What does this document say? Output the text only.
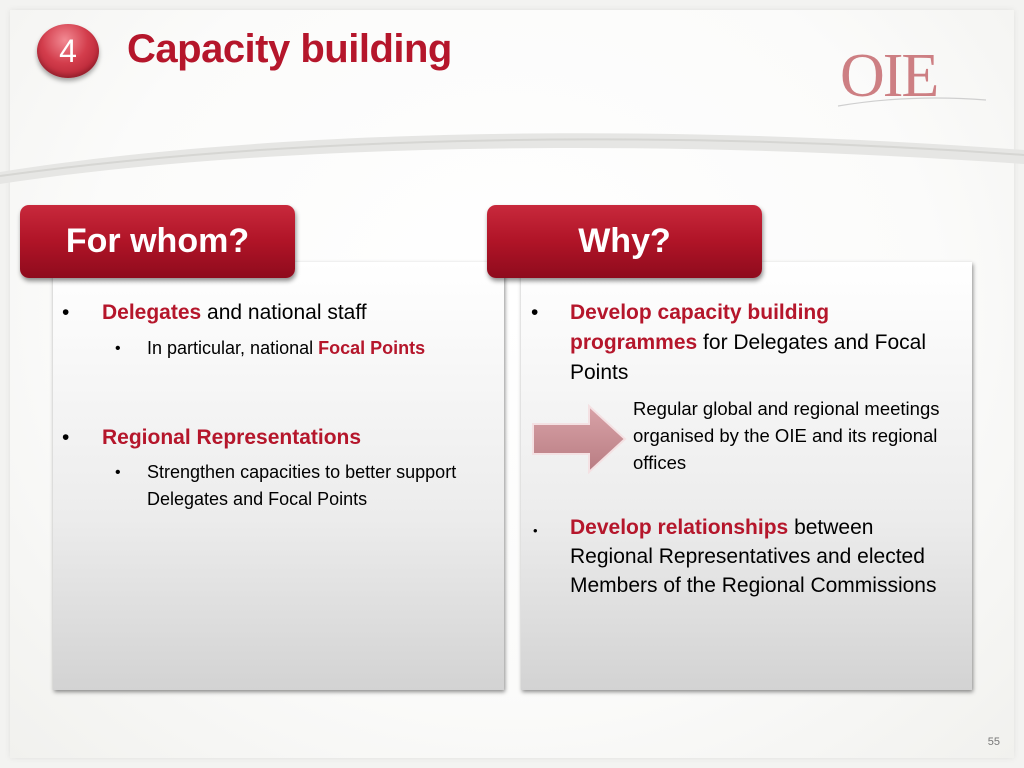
4	Capacity building	OIE
For whom?
• Delegates and national staff
• In particular, national Focal Points
• Regional Representations
• Strengthen capacities to better support Delegates and Focal Points
Why?
• Develop capacity building programmes for Delegates and Focal Points
Regular global and regional meetings organised by the OIE and its regional offices
• Develop relationships between Regional Representatives and elected Members of the Regional Commissions
55
